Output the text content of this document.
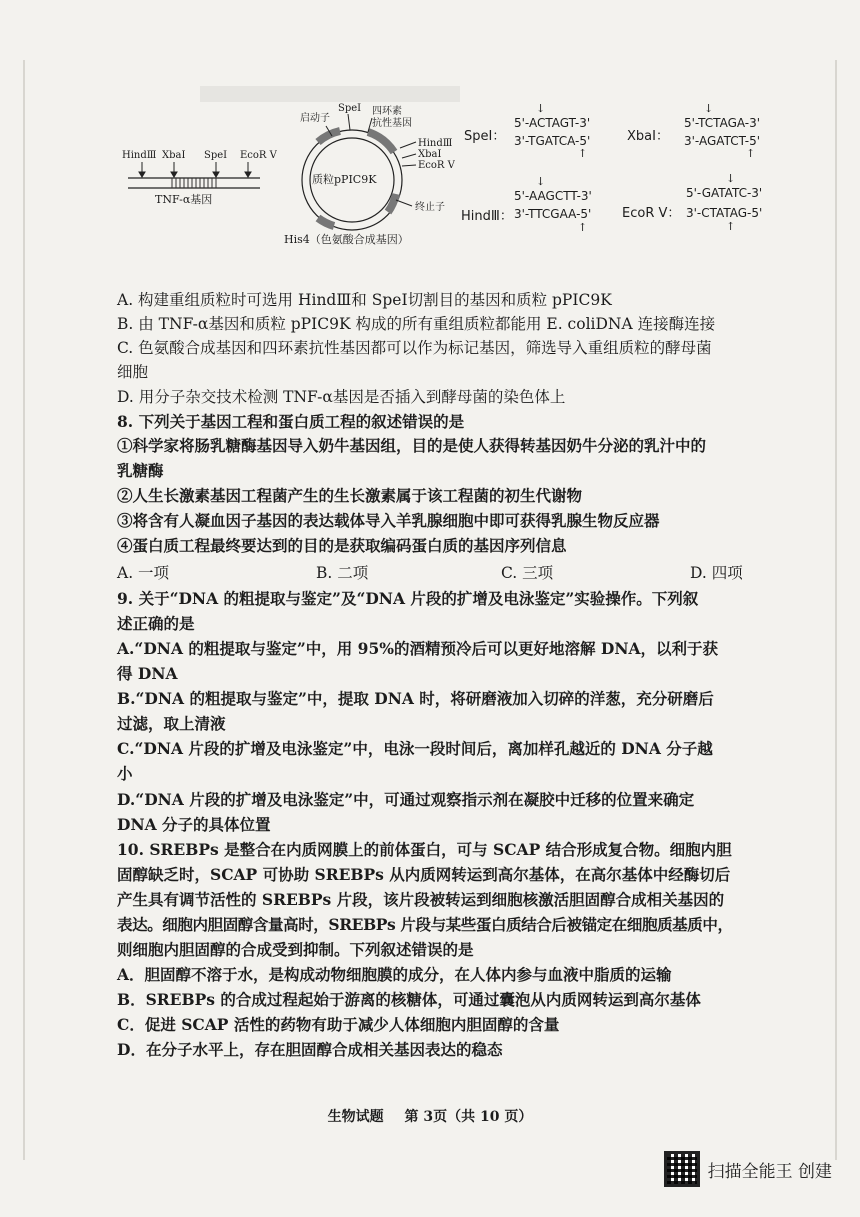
HindⅢ XbaⅠ SpeⅠ EcoR Ⅴ
TNF-α基因
SpeⅠ
启动子
四环素
抗性基因
HindⅢ
XbaⅠ
EcoR Ⅴ
质粒pPIC9K
终止子
His4（色氨酸合成基因）
SpeⅠ：
5'-ACTAGT-3'
3'-TGATCA-5'
↓
↑
XbaⅠ：
5'-TCTAGA-3'
3'-AGATCT-5'
↓
↑
HindⅢ：
5'-AAGCTT-3'
3'-TTCGAA-5'
↓
↑
EcoR Ⅴ：
5'-GATATC-3'
3'-CTATAG-5'
↓
↑
A. 构建重组质粒时可选用 HindⅢ和 SpeⅠ切割目的基因和质粒 pPIC9K
B. 由 TNF-α基因和质粒 pPIC9K 构成的所有重组质粒都能用 E. coliDNA 连接酶连接
C. 色氨酸合成基因和四环素抗性基因都可以作为标记基因，筛选导入重组质粒的酵母菌
细胞
D. 用分子杂交技术检测 TNF-α基因是否插入到酵母菌的染色体上
8. 下列关于基因工程和蛋白质工程的叙述错误的是
①科学家将肠乳糖酶基因导入奶牛基因组，目的是使人获得转基因奶牛分泌的乳汁中的
乳糖酶
②人生长激素基因工程菌产生的生长激素属于该工程菌的初生代谢物
③将含有人凝血因子基因的表达载体导入羊乳腺细胞中即可获得乳腺生物反应器
④蛋白质工程最终要达到的目的是获取编码蛋白质的基因序列信息
A. 一项	B. 二项	C. 三项	D. 四项
9. 关于“DNA 的粗提取与鉴定”及“DNA 片段的扩增及电泳鉴定”实验操作。下列叙
述正确的是
A.“DNA 的粗提取与鉴定”中，用 95%的酒精预冷后可以更好地溶解 DNA，以利于获
得 DNA
B.“DNA 的粗提取与鉴定”中，提取 DNA 时，将研磨液加入切碎的洋葱，充分研磨后
过滤，取上清液
C.“DNA 片段的扩增及电泳鉴定”中，电泳一段时间后，离加样孔越近的 DNA 分子越
小
D.“DNA 片段的扩增及电泳鉴定”中，可通过观察指示剂在凝胶中迁移的位置来确定
DNA 分子的具体位置
10. SREBPs 是整合在内质网膜上的前体蛋白，可与 SCAP 结合形成复合物。细胞内胆
固醇缺乏时，SCAP 可协助 SREBPs 从内质网转运到高尔基体，在高尔基体中经酶切后
产生具有调节活性的 SREBPs 片段，该片段被转运到细胞核激活胆固醇合成相关基因的
表达。细胞内胆固醇含量高时，SREBPs 片段与某些蛋白质结合后被锚定在细胞质基质中，
则细胞内胆固醇的合成受到抑制。下列叙述错误的是
A．胆固醇不溶于水，是构成动物细胞膜的成分，在人体内参与血液中脂质的运输
B．SREBPs 的合成过程起始于游离的核糖体，可通过囊泡从内质网转运到高尔基体
C．促进 SCAP 活性的药物有助于减少人体细胞内胆固醇的含量
D．在分子水平上，存在胆固醇合成相关基因表达的稳态
生物试题 第 3页（共 10 页）
扫描全能王 创建
